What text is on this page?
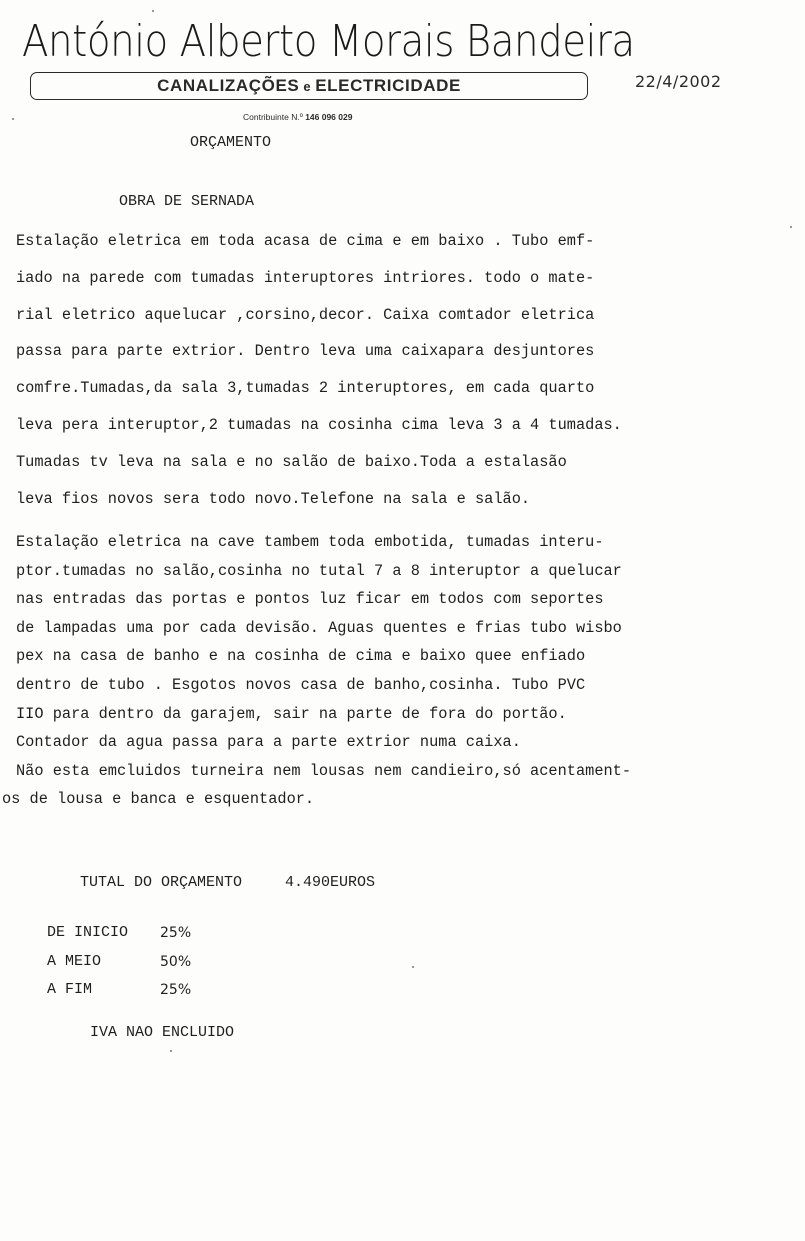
António Alberto Morais Bandeira
CANALIZAÇÕES e ELECTRICIDADE	22/4/2002
Contribuinte N.º 146 096 029
ORÇAMENTO
OBRA DE SERNADA
Estalação eletrica em toda acasa de cima e em baixo . Tubo emf-
iado na parede com tumadas interuptores intriores. todo o mate-
rial eletrico aquelucar ,corsino,decor. Caixa comtador eletrica
passa para parte extrior. Dentro leva uma caixapara desjuntores
comfre.Tumadas,da sala 3,tumadas 2 interuptores, em cada quarto
leva pera interuptor,2 tumadas na cosinha cima leva 3 a 4 tumadas.
Tumadas tv leva na sala e no salão de baixo.Toda a estalasão
leva fios novos sera todo novo.Telefone na sala e salão.
Estalação eletrica na cave tambem toda embotida, tumadas interu-
ptor.tumadas no salão,cosinha no tutal 7 a 8 interuptor a quelucar
nas entradas das portas e pontos luz ficar em todos com seportes
de lampadas uma por cada devisão. Aguas quentes e frias tubo wisbo
pex na casa de banho e na cosinha de cima e baixo quee enfiado
dentro de tubo . Esgotos novos casa de banho,cosinha. Tubo PVC
IIO para dentro da garajem, sair na parte de fora do portão.
Contador da agua passa para a parte extrior numa caixa.
Não esta emcluidos turneira nem lousas nem candieiro,só acentament-
os de lousa e banca e esquentador.
TUTAL DO ORÇAMENTO	4.490EUROS
DE INICIO	25%
A MEIO	50%
A FIM	25%
IVA NAO ENCLUIDO
